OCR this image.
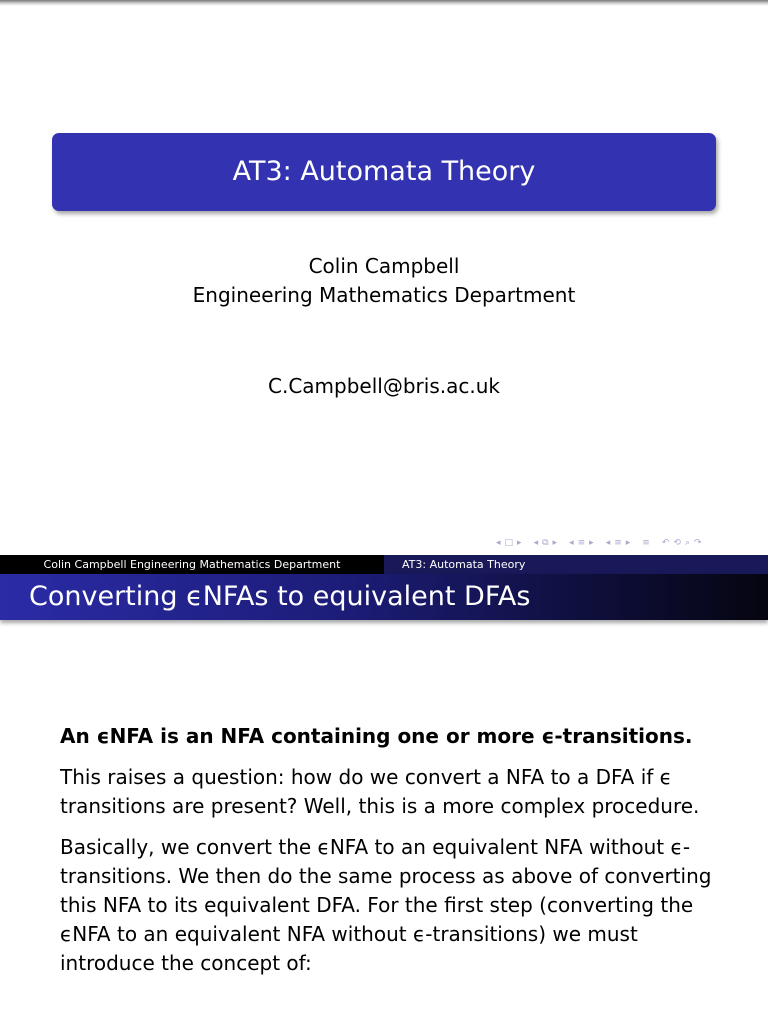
AT3: Automata Theory
Colin Campbell
Engineering Mathematics Department
C.Campbell@bris.ac.uk
◂ □ ▸ ◂ ⧉ ▸ ◂ ≡ ▸ ◂ ≡ ▸ ≡ ↶ ⟲ ⌕ ↷
Colin Campbell Engineering Mathematics Department	AT3: Automata Theory
Converting ϵNFAs to equivalent DFAs

An ϵNFA is an NFA containing one or more ϵ-transitions.

This raises a question: how do we convert a NFA to a DFA if ϵ transitions are present? Well, this is a more complex procedure.

Basically, we convert the ϵNFA to an equivalent NFA without ϵ-transitions. We then do the same process as above of converting this NFA to its equivalent DFA. For the first step (converting the ϵNFA to an equivalent NFA without ϵ-transitions) we must introduce the concept of:
